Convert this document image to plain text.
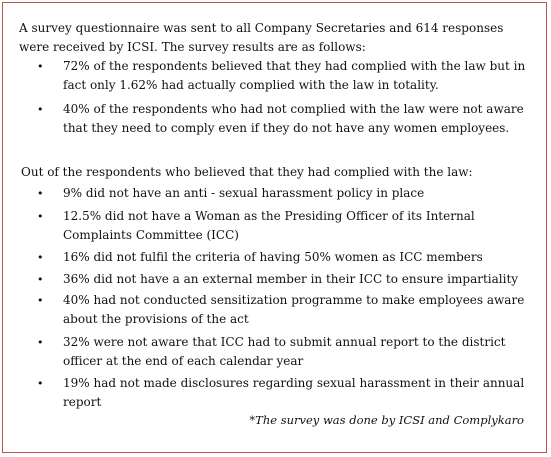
A survey questionnaire was sent to all Company Secretaries and 614 responses were received by ICSI. The survey results are as follows:
•	72% of the respondents believed that they had complied with the law but in fact only 1.62% had actually complied with the law in totality.
•	40% of the respondents who had not complied with the law were not aware that they need to comply even if they do not have any women employees.
Out of the respondents who believed that they had complied with the law:
•	9% did not have an anti - sexual harassment policy in place
•	12.5% did not have a Woman as the Presiding Officer of its Internal Complaints Committee (ICC)
•	16% did not fulfil the criteria of having 50% women as ICC members
•	36% did not have a an external member in their ICC to ensure impartiality
•	40% had not conducted sensitization programme to make employees aware about the provisions of the act
•	32% were not aware that ICC had to submit annual report to the district officer at the end of each calendar year
•	19% had not made disclosures regarding sexual harassment in their annual report
*The survey was done by ICSI and Complykaro
